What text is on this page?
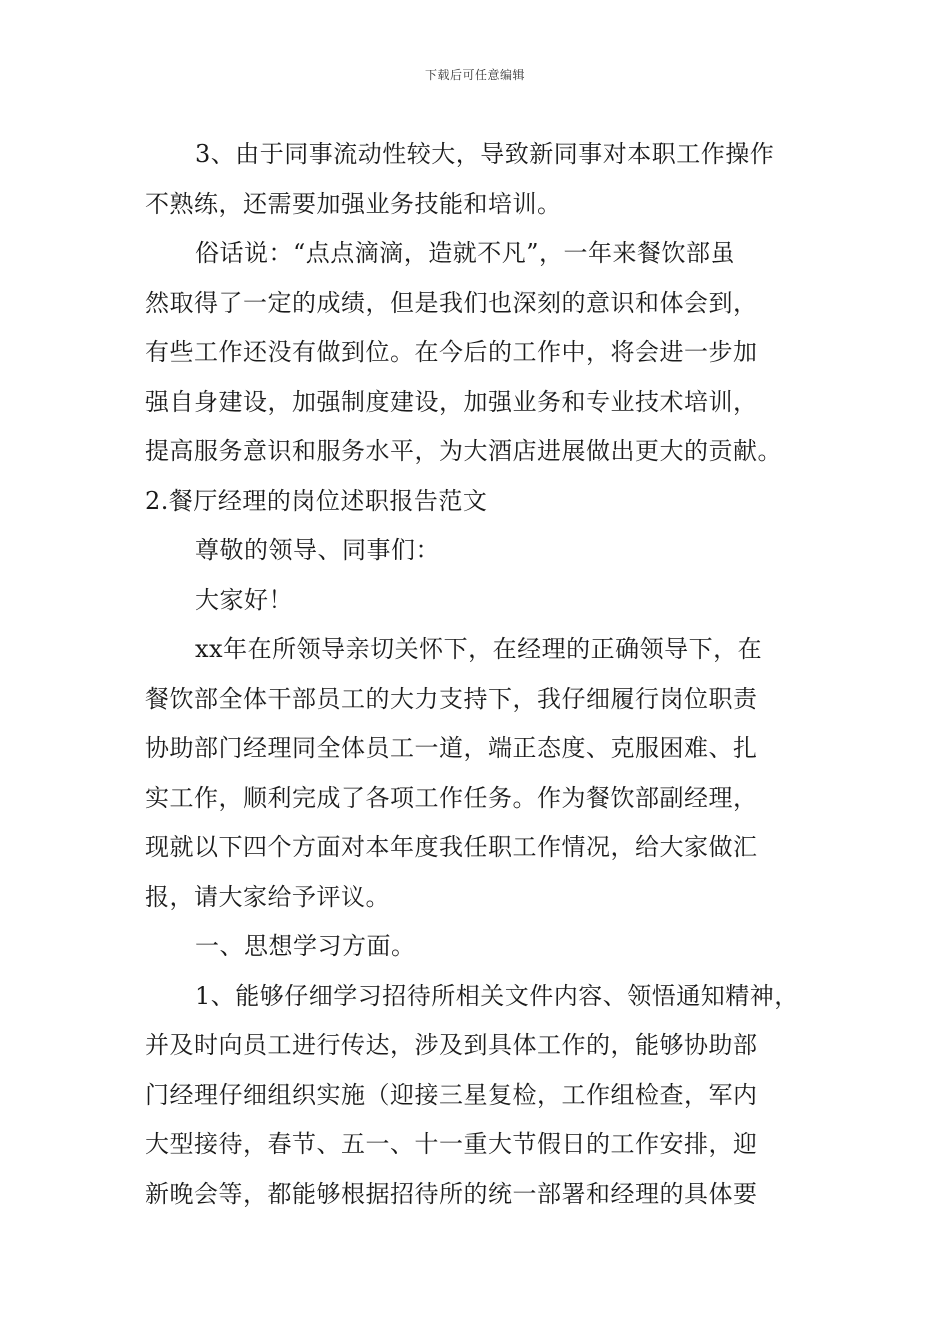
下载后可任意编辑
3、由于同事流动性较大，导致新同事对本职工作操作
不熟练，还需要加强业务技能和培训。
俗话说：“点点滴滴，造就不凡”，一年来餐饮部虽
然取得了一定的成绩，但是我们也深刻的意识和体会到，
有些工作还没有做到位。在今后的工作中，将会进一步加
强自身建设，加强制度建设，加强业务和专业技术培训，
提高服务意识和服务水平，为大酒店进展做出更大的贡献。
2.餐厅经理的岗位述职报告范文
尊敬的领导、同事们：
大家好！
xx年在所领导亲切关怀下，在经理的正确领导下，在
餐饮部全体干部员工的大力支持下，我仔细履行岗位职责
协助部门经理同全体员工一道，端正态度、克服困难、扎
实工作，顺利完成了各项工作任务。作为餐饮部副经理，
现就以下四个方面对本年度我任职工作情况，给大家做汇
报，请大家给予评议。
一、思想学习方面。
1、能够仔细学习招待所相关文件内容、领悟通知精神，
并及时向员工进行传达，涉及到具体工作的，能够协助部
门经理仔细组织实施（迎接三星复检，工作组检查，军内
大型接待，春节、五一、十一重大节假日的工作安排，迎
新晚会等，都能够根据招待所的统一部署和经理的具体要
